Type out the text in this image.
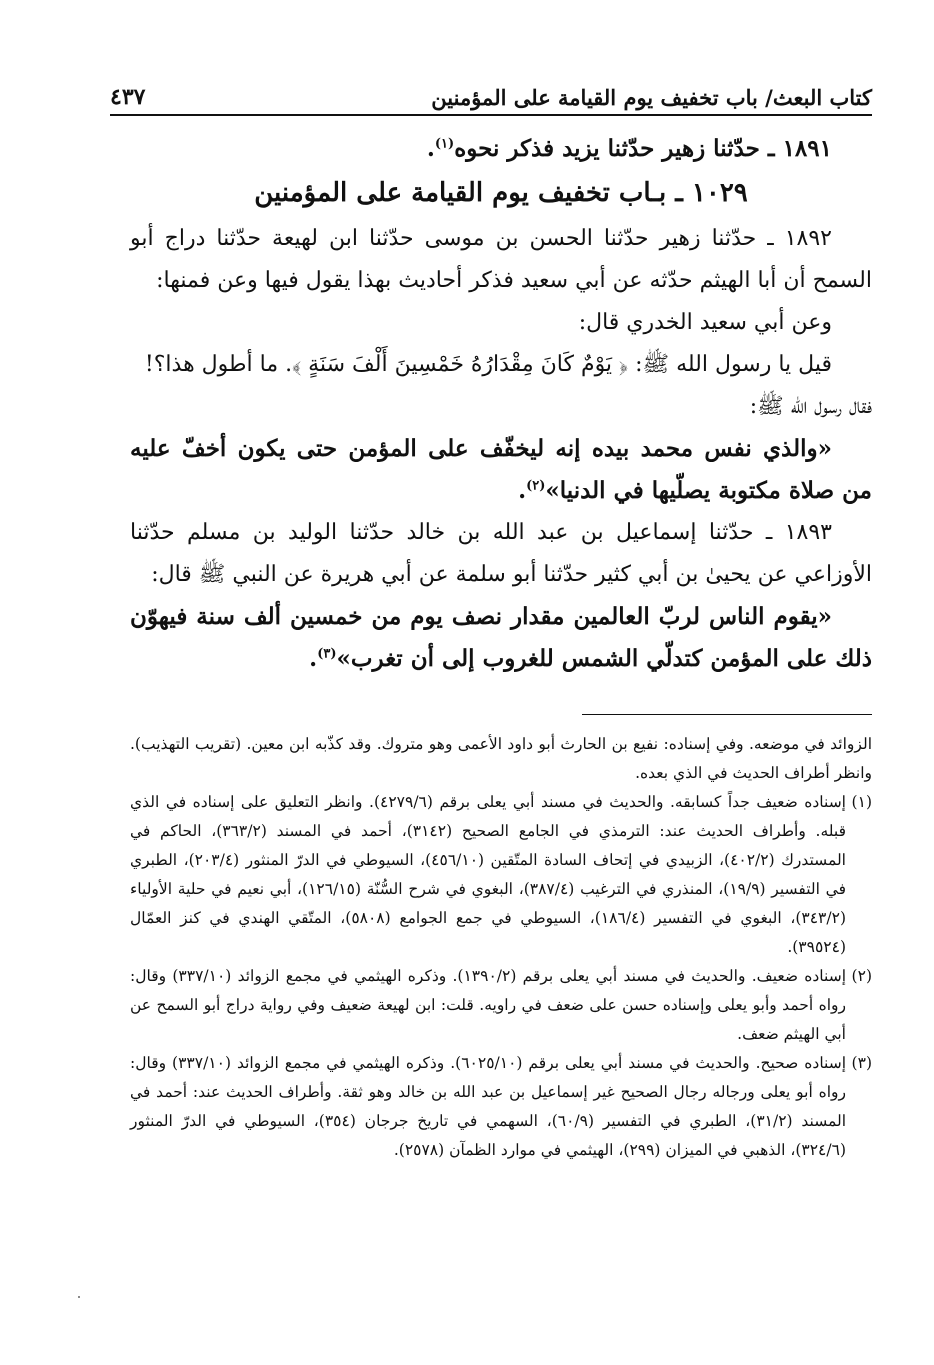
كتاب البعث/ باب تخفيف يوم القيامة على المؤمنين
٤٣٧

١٨٩١ ـ حدّثنا زهير حدّثنا يزيد فذكر نحوه$^{(١)}$.

١٠٢٩ ـ بـاب تخفيف يوم القيامة على المؤمنين

١٨٩٢ ـ حدّثنا زهير حدّثنا الحسن بن موسى حدّثنا ابن لهيعة حدّثنا دراج أبو السمح أن أبا الهيثم حدّثه عن أبي سعيد فذكر أحاديث بهذا يقول فيها وعن فمنها:

وعن أبي سعيد الخدري قال:

قيل يا رسول الله ﷺ: ﴿ يَوْمٌ كَانَ مِقْدَارُهُ خَمْسِينَ أَلْفَ سَنَةٍ ﴾. ما أطول هذا؟!

فقال رسول الله ﷺ:

«والذي نفس محمد بيده إنه ليخفّف على المؤمن حتى يكون أخفّ عليه من صلاة مكتوبة يصلّيها في الدنيا»$^{(٢)}$.

١٨٩٣ ـ حدّثنا إسماعيل بن عبد الله بن خالد حدّثنا الوليد بن مسلم حدّثنا الأوزاعي عن يحيىٰ بن أبي كثير حدّثنا أبو سلمة عن أبي هريرة عن النبي ﷺ قال:

«يقوم الناس لربّ العالمين مقدار نصف يوم من خمسين ألف سنة فيهوّن ذلك على المؤمن كتدلّي الشمس للغروب إلى أن تغرب»$^{(٣)}$.

الزوائد في موضعه. وفي إسناده: نفيع بن الحارث أبو داود الأعمى وهو متروك. وقد كذّبه ابن معين. (تقريب التهذيب). وانظر أطراف الحديث في الذي بعده.

(١)
إسناده ضعيف جداً كسابقه. والحديث في مسند أبي يعلى برقم (٤٢٧٩/٦). وانظر التعليق على إسناده في الذي قبله. وأطراف الحديث عند: الترمذي في الجامع الصحيح (٣١٤٢)، أحمد في المسند (٣٦٣/٢)، الحاكم في المستدرك (٤٠٢/٢)، الزبيدي في إتحاف السادة المتّقين (٤٥٦/١٠)، السيوطي في الدرّ المنثور (٢٠٣/٤)، الطبري في التفسير (١٩/٩)، المنذري في الترغيب (٣٨٧/٤)، البغوي في شرح السُّنّة (١٢٦/١٥)، أبي نعيم في حلية الأولياء (٣٤٣/٢)، البغوي في التفسير (١٨٦/٤)، السيوطي في جمع الجوامع (٥٨٠٨)، المتّقي الهندي في كنز العمّال (٣٩٥٢٤).
(٢)
إسناده ضعيف. والحديث في مسند أبي يعلى برقم (١٣٩٠/٢). وذكره الهيثمي في مجمع الزوائد (٣٣٧/١٠) وقال: رواه أحمد وأبو يعلى وإسناده حسن على ضعف في راويه. قلت: ابن لهيعة ضعيف وفي رواية دراج أبو السمح عن أبي الهيثم ضعف.
(٣)
إسناده صحيح. والحديث في مسند أبي يعلى برقم (٦٠٢٥/١٠). وذكره الهيثمي في مجمع الزوائد (٣٣٧/١٠) وقال: رواه أبو يعلى ورجاله رجال الصحيح غير إسماعيل بن عبد الله بن خالد وهو ثقة. وأطراف الحديث عند: أحمد في المسند (٣١/٢)، الطبري في التفسير (٦٠/٩)، السهمي في تاريخ جرجان (٣٥٤)، السيوطي في الدرّ المنثور (٣٢٤/٦)، الذهبي في الميزان (٢٩٩)، الهيثمي في موارد الظمآن (٢٥٧٨).
